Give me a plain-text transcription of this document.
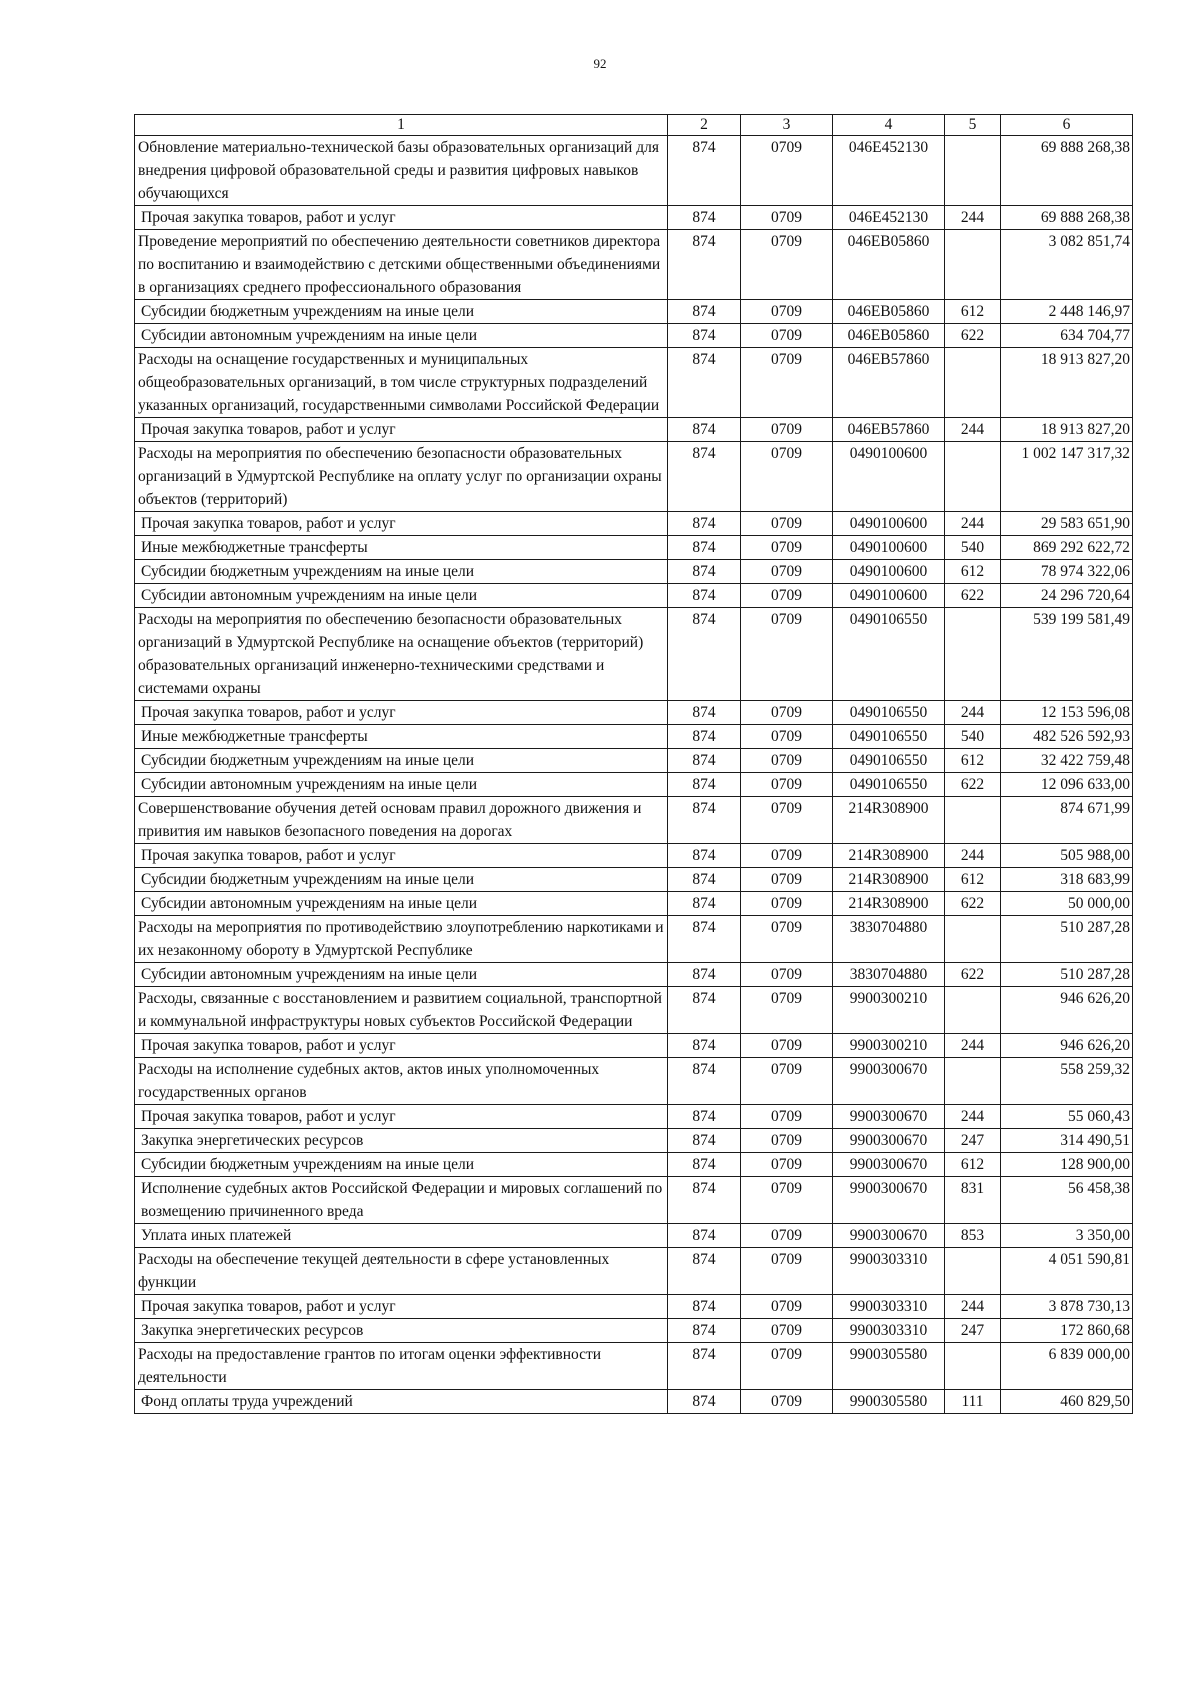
92
1	2	3	4	5	6
Обновление материально-технической базы образовательных организаций для внедрения цифровой образовательной среды и развития цифровых навыков обучающихся	874	0709	046E452130		69 888 268,38
Прочая закупка товаров, работ и услуг	874	0709	046E452130	244	69 888 268,38
Проведение мероприятий по обеспечению деятельности советников директора по воспитанию и взаимодействию с детскими общественными объединениями в организациях среднего профессионального образования	874	0709	046EB05860		3 082 851,74
Субсидии бюджетным учреждениям на иные цели	874	0709	046EB05860	612	2 448 146,97
Субсидии автономным учреждениям на иные цели	874	0709	046EB05860	622	634 704,77
Расходы на оснащение государственных и муниципальных общеобразовательных организаций, в том числе структурных подразделений указанных организаций, государственными символами Российской Федерации	874	0709	046EB57860		18 913 827,20
Прочая закупка товаров, работ и услуг	874	0709	046EB57860	244	18 913 827,20
Расходы на мероприятия по обеспечению безопасности образовательных организаций в Удмуртской Республике на оплату услуг по организации охраны объектов (территорий)	874	0709	0490100600		1 002 147 317,32
Прочая закупка товаров, работ и услуг	874	0709	0490100600	244	29 583 651,90
Иные межбюджетные трансферты	874	0709	0490100600	540	869 292 622,72
Субсидии бюджетным учреждениям на иные цели	874	0709	0490100600	612	78 974 322,06
Субсидии автономным учреждениям на иные цели	874	0709	0490100600	622	24 296 720,64
Расходы на мероприятия по обеспечению безопасности образовательных организаций в Удмуртской Республике на оснащение объектов (территорий) образовательных организаций инженерно-техническими средствами и системами охраны	874	0709	0490106550		539 199 581,49
Прочая закупка товаров, работ и услуг	874	0709	0490106550	244	12 153 596,08
Иные межбюджетные трансферты	874	0709	0490106550	540	482 526 592,93
Субсидии бюджетным учреждениям на иные цели	874	0709	0490106550	612	32 422 759,48
Субсидии автономным учреждениям на иные цели	874	0709	0490106550	622	12 096 633,00
Совершенствование обучения детей основам правил дорожного движения и привития им навыков безопасного поведения на дорогах	874	0709	214R308900		874 671,99
Прочая закупка товаров, работ и услуг	874	0709	214R308900	244	505 988,00
Субсидии бюджетным учреждениям на иные цели	874	0709	214R308900	612	318 683,99
Субсидии автономным учреждениям на иные цели	874	0709	214R308900	622	50 000,00
Расходы на мероприятия по противодействию злоупотреблению наркотиками и их незаконному обороту в Удмуртской Республике	874	0709	3830704880		510 287,28
Субсидии автономным учреждениям на иные цели	874	0709	3830704880	622	510 287,28
Расходы, связанные с восстановлением и развитием социальной, транспортной и коммунальной инфраструктуры новых субъектов Российской Федерации	874	0709	9900300210		946 626,20
Прочая закупка товаров, работ и услуг	874	0709	9900300210	244	946 626,20
Расходы на исполнение судебных актов, актов иных уполномоченных государственных органов	874	0709	9900300670		558 259,32
Прочая закупка товаров, работ и услуг	874	0709	9900300670	244	55 060,43
Закупка энергетических ресурсов	874	0709	9900300670	247	314 490,51
Субсидии бюджетным учреждениям на иные цели	874	0709	9900300670	612	128 900,00
Исполнение судебных актов Российской Федерации и мировых соглашений по возмещению причиненного вреда	874	0709	9900300670	831	56 458,38
Уплата иных платежей	874	0709	9900300670	853	3 350,00
Расходы на обеспечение текущей деятельности в сфере установленных функции	874	0709	9900303310		4 051 590,81
Прочая закупка товаров, работ и услуг	874	0709	9900303310	244	3 878 730,13
Закупка энергетических ресурсов	874	0709	9900303310	247	172 860,68
Расходы на предоставление грантов по итогам оценки эффективности деятельности	874	0709	9900305580		6 839 000,00
Фонд оплаты труда учреждений	874	0709	9900305580	111	460 829,50
